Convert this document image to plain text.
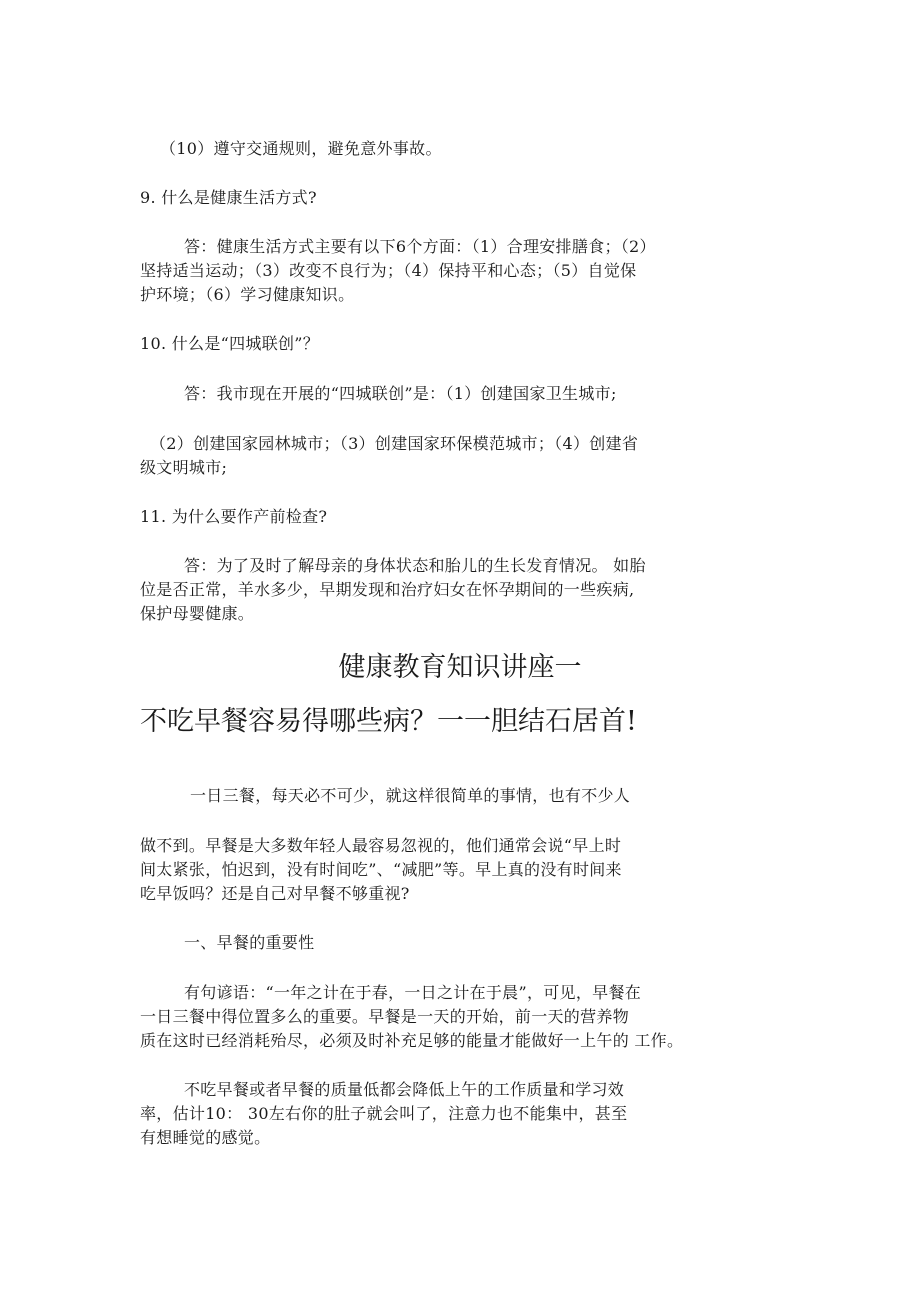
（10）遵守交通规则，避免意外事故。
9. 什么是健康生活方式?
答：健康生活方式主要有以下6个方面：（1）合理安排膳食；（2）
坚持适当运动；（3）改变不良行为；（4）保持平和心态；（5）自觉保
护环境；（6）学习健康知识。
10. 什么是“四城联创”？
答：我市现在开展的“四城联创”是：（1）创建国家卫生城市;
（2）创建国家园林城市；（3）创建国家环保模范城市；（4）创建省
级文明城市;
11. 为什么要作产前检查?
答：为了及时了解母亲的身体状态和胎儿的生长发育情况。 如胎
位是否正常，羊水多少，早期发现和治疗妇女在怀孕期间的一些疾病,
保护母婴健康。
健康教育知识讲座一
不吃早餐容易得哪些病？一一胆结石居首!
一日三餐，每天必不可少，就这样很简单的事情，也有不少人
做不到。早餐是大多数年轻人最容易忽视的，他们通常会说“早上时
间太紧张，怕迟到，没有时间吃”、“减肥”等。早上真的没有时间来
吃早饭吗？还是自己对早餐不够重视?
一、早餐的重要性
有句谚语：“一年之计在于春，一日之计在于晨”，可见，早餐在
一日三餐中得位置多么的重要。早餐是一天的开始，前一天的营养物
质在这时已经消耗殆尽，必须及时补充足够的能量才能做好一上午的 工作。
不吃早餐或者早餐的质量低都会降低上午的工作质量和学习效
率，估计10： 30左右你的肚子就会叫了，注意力也不能集中，甚至
有想睡觉的感觉。
